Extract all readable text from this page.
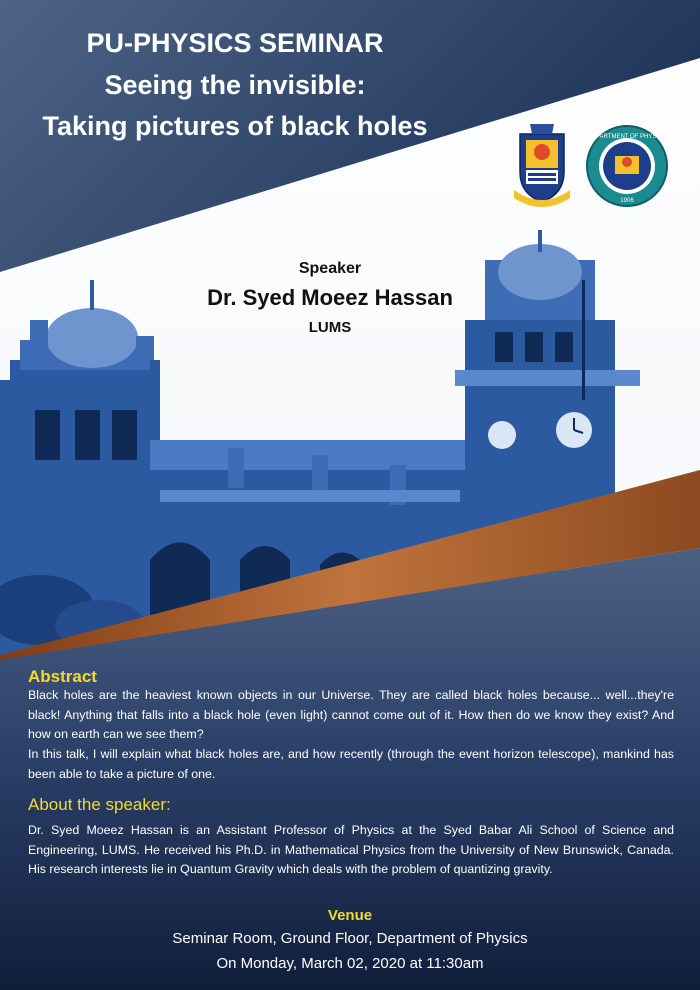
PU-PHYSICS SEMINAR
Seeing the invisible:
Taking pictures of black holes	DEPARTMENT OF PHYSICS
1906
Speaker
Dr. Syed Moeez Hassan
LUMS
Abstract
Black holes are the heaviest known objects in our Universe. They are called black holes because... well...they're black! Anything that falls into a black hole (even light) cannot come out of it. How then do we know they exist? And how on earth can we see them?
In this talk, I will explain what black holes are, and how recently (through the event horizon telescope), mankind has been able to take a picture of one.
About the speaker:
Dr. Syed Moeez Hassan is an Assistant Professor of Physics at the Syed Babar Ali School of Science and Engineering, LUMS. He received his Ph.D. in Mathematical Physics from the University of New Brunswick, Canada. His research interests lie in Quantum Gravity which deals with the problem of quantizing gravity.
Venue
Seminar Room, Ground Floor, Department of Physics
On Monday, March 02, 2020 at 11:30am
